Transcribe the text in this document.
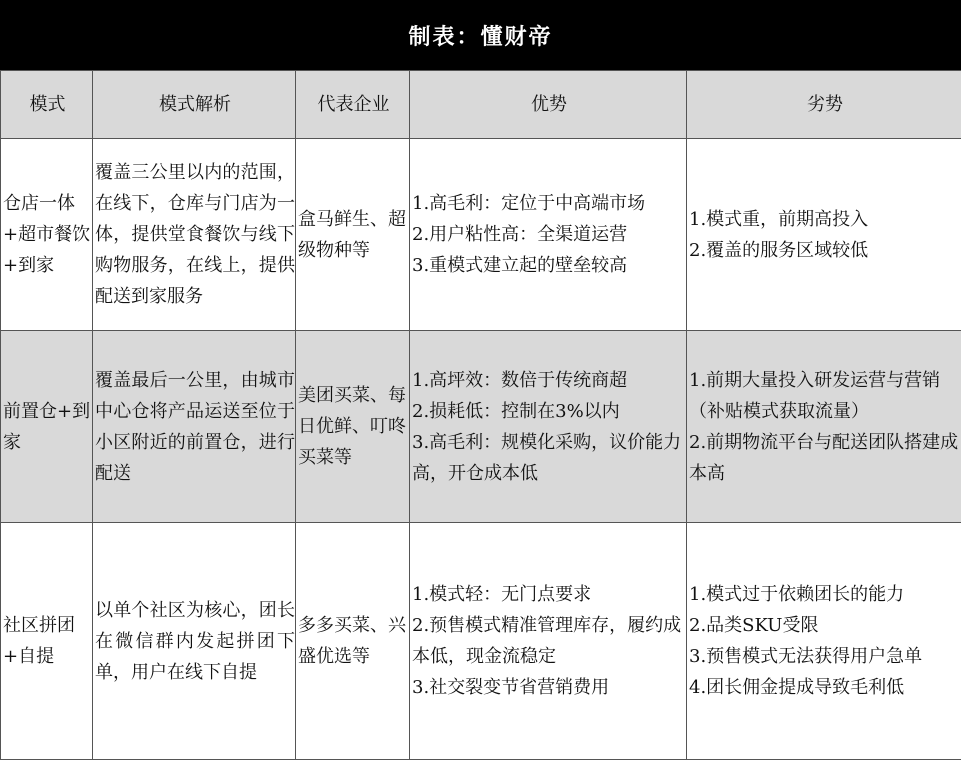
制表：懂财帝
模式	模式解析	代表企业	优势	劣势
仓店一体+超市餐饮+到家	覆盖三公里以内的范围，在线下，仓库与门店为一体，提供堂食餐饮与线下购物服务，在线上，提供配送到家服务	盒马鲜生、超级物种等	1.高毛利：定位于中高端市场
2.用户粘性高：全渠道运营
3.重模式建立起的壁垒较高	1.模式重，前期高投入
2.覆盖的服务区域较低

前置仓+到家	覆盖最后一公里，由城市中心仓将产品运送至位于小区附近的前置仓，进行配送	美团买菜、每日优鲜、叮咚买菜等	1.高坪效：数倍于传统商超
2.损耗低：控制在3%以内
3.高毛利：规模化采购，议价能力高，开仓成本低	1.前期大量投入研发运营与营销（补贴模式获取流量）
2.前期物流平台与配送团队搭建成本高

社区拼团+自提	以单个社区为核心，团长在微信群内发起拼团下单，用户在线下自提	多多买菜、兴盛优选等	1.模式轻：无门点要求
2.预售模式精准管理库存，履约成本低，现金流稳定
3.社交裂变节省营销费用	1.模式过于依赖团长的能力
2.品类SKU受限
3.预售模式无法获得用户急单
4.团长佣金提成导致毛利低
